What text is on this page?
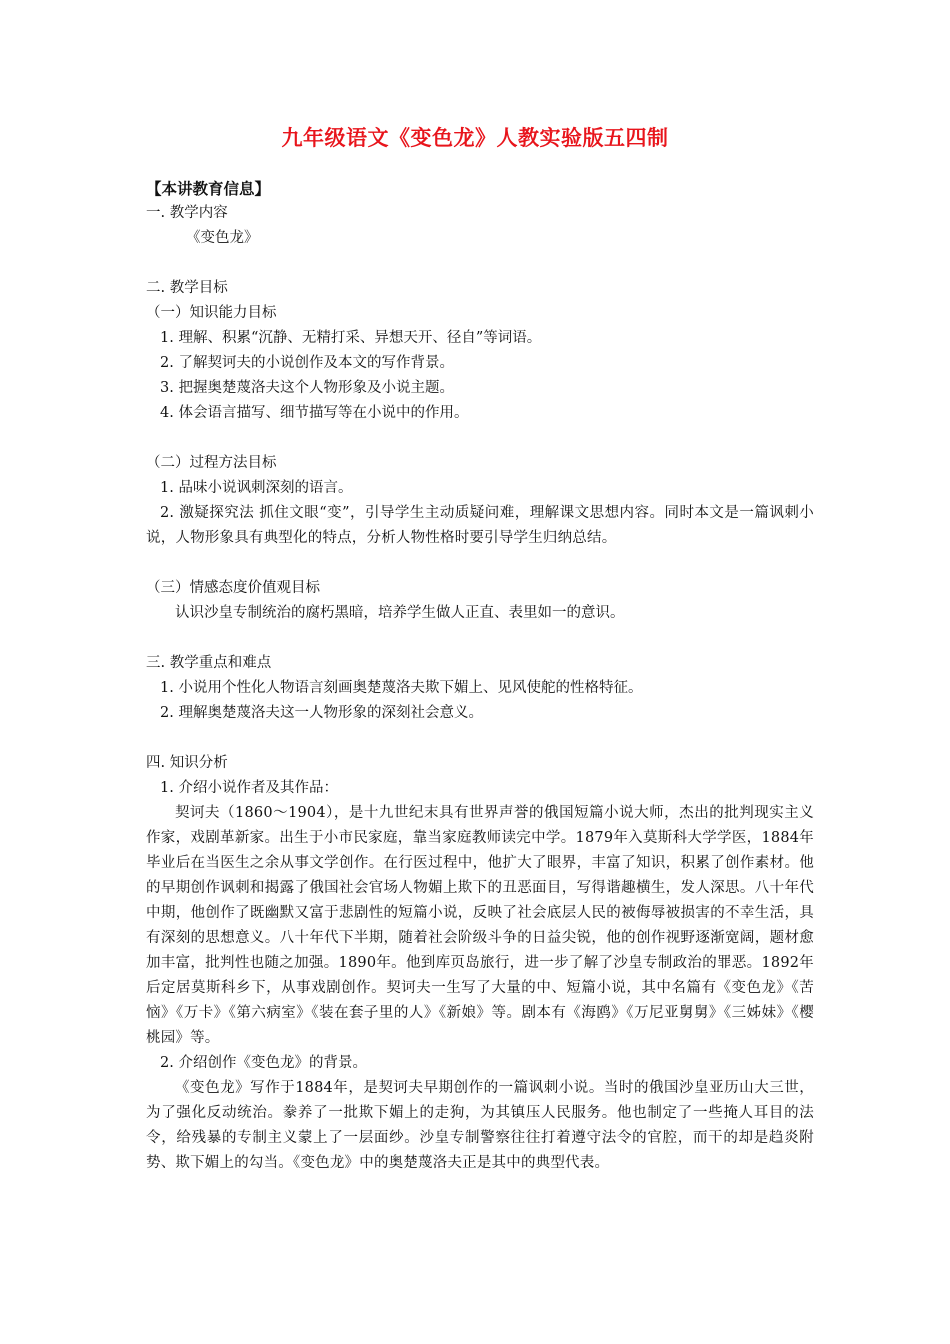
九年级语文《变色龙》人教实验版五四制
【本讲教育信息】
一. 教学内容
《变色龙》
二. 教学目标
（一）知识能力目标
1. 理解、积累“沉静、无精打采、异想天开、径自”等词语。
2. 了解契诃夫的小说创作及本文的写作背景。
3. 把握奥楚蔑洛夫这个人物形象及小说主题。
4. 体会语言描写、细节描写等在小说中的作用。
（二）过程方法目标
1. 品味小说讽刺深刻的语言。

2. 激疑探究法 抓住文眼“变”，引导学生主动质疑问难，理解课文思想内容。同时本文是一篇讽刺小说，人物形象具有典型化的特点，分析人物性格时要引导学生归纳总结。

（三）情感态度价值观目标
认识沙皇专制统治的腐朽黑暗，培养学生做人正直、表里如一的意识。
三. 教学重点和难点
1. 小说用个性化人物语言刻画奥楚蔑洛夫欺下媚上、见风使舵的性格特征。
2. 理解奥楚蔑洛夫这一人物形象的深刻社会意义。
四. 知识分析
1. 介绍小说作者及其作品：

契诃夫（1860～1904），是十九世纪末具有世界声誉的俄国短篇小说大师，杰出的批判现实主义作家，戏剧革新家。出生于小市民家庭，靠当家庭教师读完中学。1879年入莫斯科大学学医，1884年毕业后在当医生之余从事文学创作。在行医过程中，他扩大了眼界，丰富了知识，积累了创作素材。他的早期创作讽刺和揭露了俄国社会官场人物媚上欺下的丑恶面目，写得谐趣横生，发人深思。八十年代中期，他创作了既幽默又富于悲剧性的短篇小说，反映了社会底层人民的被侮辱被损害的不幸生活，具有深刻的思想意义。八十年代下半期，随着社会阶级斗争的日益尖锐，他的创作视野逐渐宽阔，题材愈加丰富，批判性也随之加强。1890年。他到库页岛旅行，进一步了解了沙皇专制政治的罪恶。1892年后定居莫斯科乡下，从事戏剧创作。契诃夫一生写了大量的中、短篇小说，其中名篇有《变色龙》《苦恼》《万卡》《第六病室》《装在套子里的人》《新娘》等。剧本有《海鸥》《万尼亚舅舅》《三姊妹》《樱桃园》等。

2. 介绍创作《变色龙》的背景。

《变色龙》写作于1884年，是契诃夫早期创作的一篇讽刺小说。当时的俄国沙皇亚历山大三世，为了强化反动统治。豢养了一批欺下媚上的走狗，为其镇压人民服务。他也制定了一些掩人耳目的法令，给残暴的专制主义蒙上了一层面纱。沙皇专制警察往往打着遵守法令的官腔，而干的却是趋炎附势、欺下媚上的勾当。《变色龙》中的奥楚蔑洛夫正是其中的典型代表。
